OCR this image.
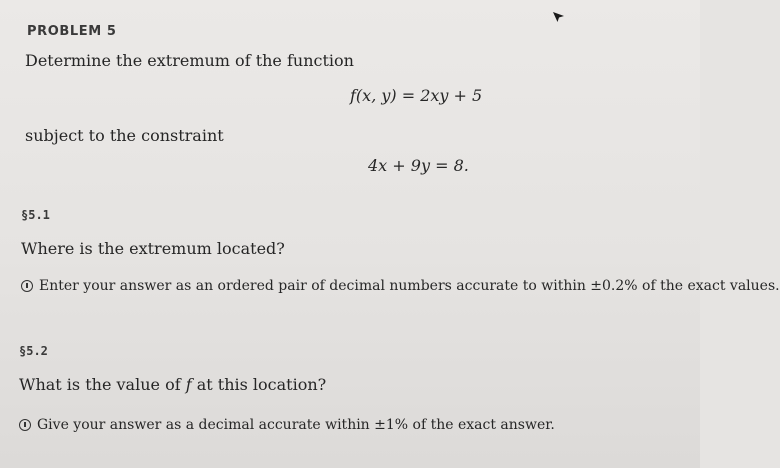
PROBLEM 5
Determine the extremum of the function
f(x, y) = 2xy + 5
subject to the constraint
4x + 9y = 8.
§5.1
Where is the extremum located?
Enter your answer as an ordered pair of decimal numbers accurate to within ±0.2% of the exact values.
§5.2
What is the value of f at this location?
Give your answer as a decimal accurate within ±1% of the exact answer.
